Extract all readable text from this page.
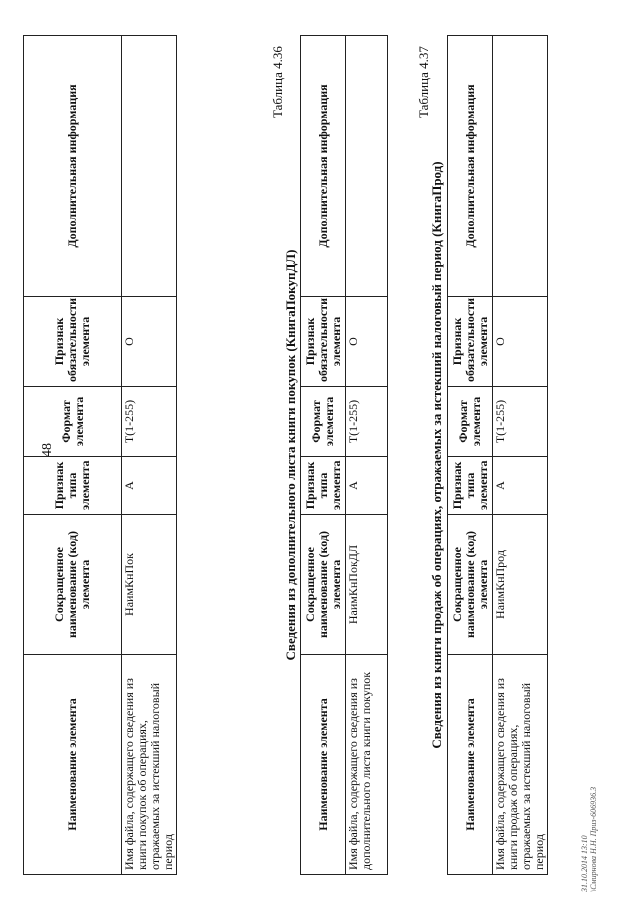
48
Наименование элемента	Сокращенное наименование (код) элемента	Признак типа элемента	Формат элемента	Признак обязательности элемента	Дополнительная информация
Имя файла, содержащего сведения из книги покупок об операциях, отражаемых за истекший налоговый период	НаимКнПок	А	T(1-255)	О	
Таблица 4.36
Сведения из дополнительного листа книги покупок (КнигаПокупДЛ)
Наименование элемента	Сокращенное наименование (код) элемента	Признак типа элемента	Формат элемента	Признак обязательности элемента	Дополнительная информация
Имя файла, содержащего сведения из дополнительного листа книги покупок	НаимКнПокДЛ	А	T(1-255)	О	
Таблица 4.37
Сведения из книги продаж об операциях, отражаемых за истекший налоговый период (КнигаПрод)
Наименование элемента	Сокращенное наименование (код) элемента	Признак типа элемента	Формат элемента	Признак обязательности элемента	Дополнительная информация
Имя файла, содержащего сведения из книги продаж об операциях, отражаемых за истекший налоговый период	НаимКнПрод	А	T(1-255)	О	
31.10.2014 13:10 \Смирнова Н.Н. Приз-606936.3
